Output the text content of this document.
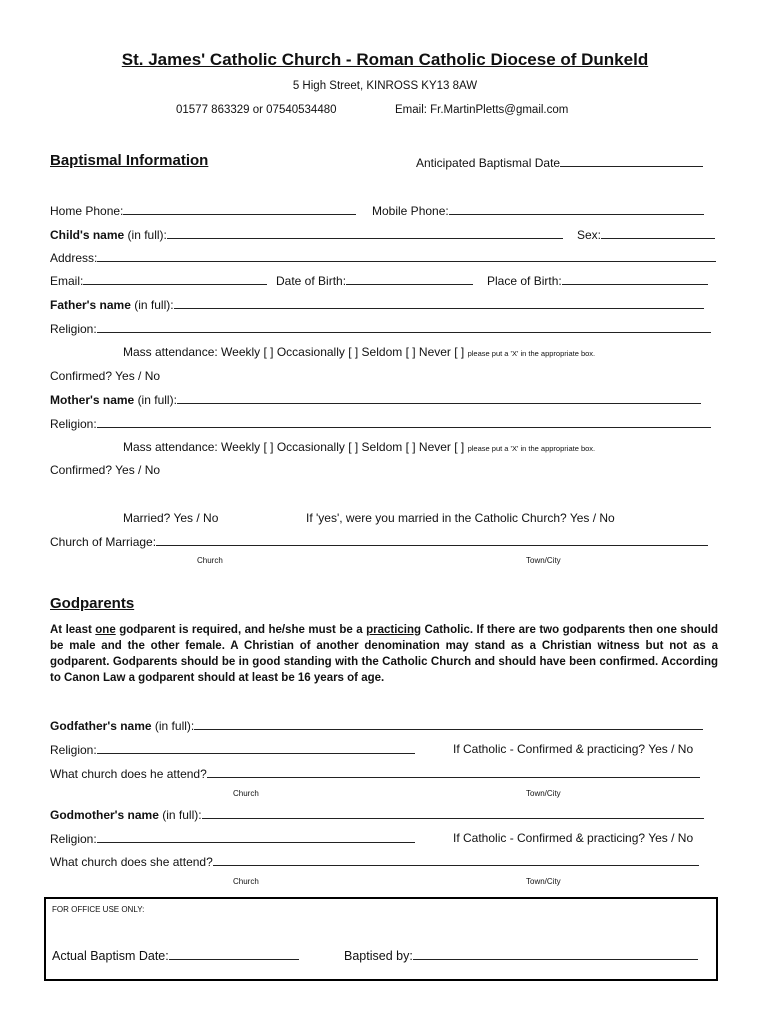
St. James' Catholic Church - Roman Catholic Diocese of Dunkeld
5 High Street, KINROSS KY13 8AW
01577 863329 or 07540534480	Email: Fr.MartinPletts@gmail.com
Baptismal Information	Anticipated Baptismal Date
Home Phone:	Mobile Phone:
Child's name (in full):	Sex:
Address:
Email:	Date of Birth:	Place of Birth:
Father's name (in full):
Religion:
Mass attendance: Weekly [ ] Occasionally [ ] Seldom [ ] Never [ ] please put a 'X' in the appropriate box.
Confirmed? Yes / No
Mother's name (in full):
Religion:
Mass attendance: Weekly [ ] Occasionally [ ] Seldom [ ] Never [ ] please put a 'X' in the appropriate box.
Confirmed? Yes / No
Married? Yes / No	If 'yes', were you married in the Catholic Church? Yes / No
Church of Marriage:
Church	Town/City
Godparents
At least one godparent is required, and he/she must be a practicing Catholic. If there are two godparents then one should be male and the other female. A Christian of another denomination may stand as a Christian witness but not as a godparent. Godparents should be in good standing with the Catholic Church and should have been confirmed. According to Canon Law a godparent should at least be 16 years of age.
Godfather's name (in full):
Religion:	If Catholic - Confirmed & practicing? Yes / No
What church does he attend?
Church	Town/City
Godmother's name (in full):
Religion:	If Catholic - Confirmed & practicing? Yes / No
What church does she attend?
Church	Town/City
FOR OFFICE USE ONLY:
Actual Baptism Date:	Baptised by:
